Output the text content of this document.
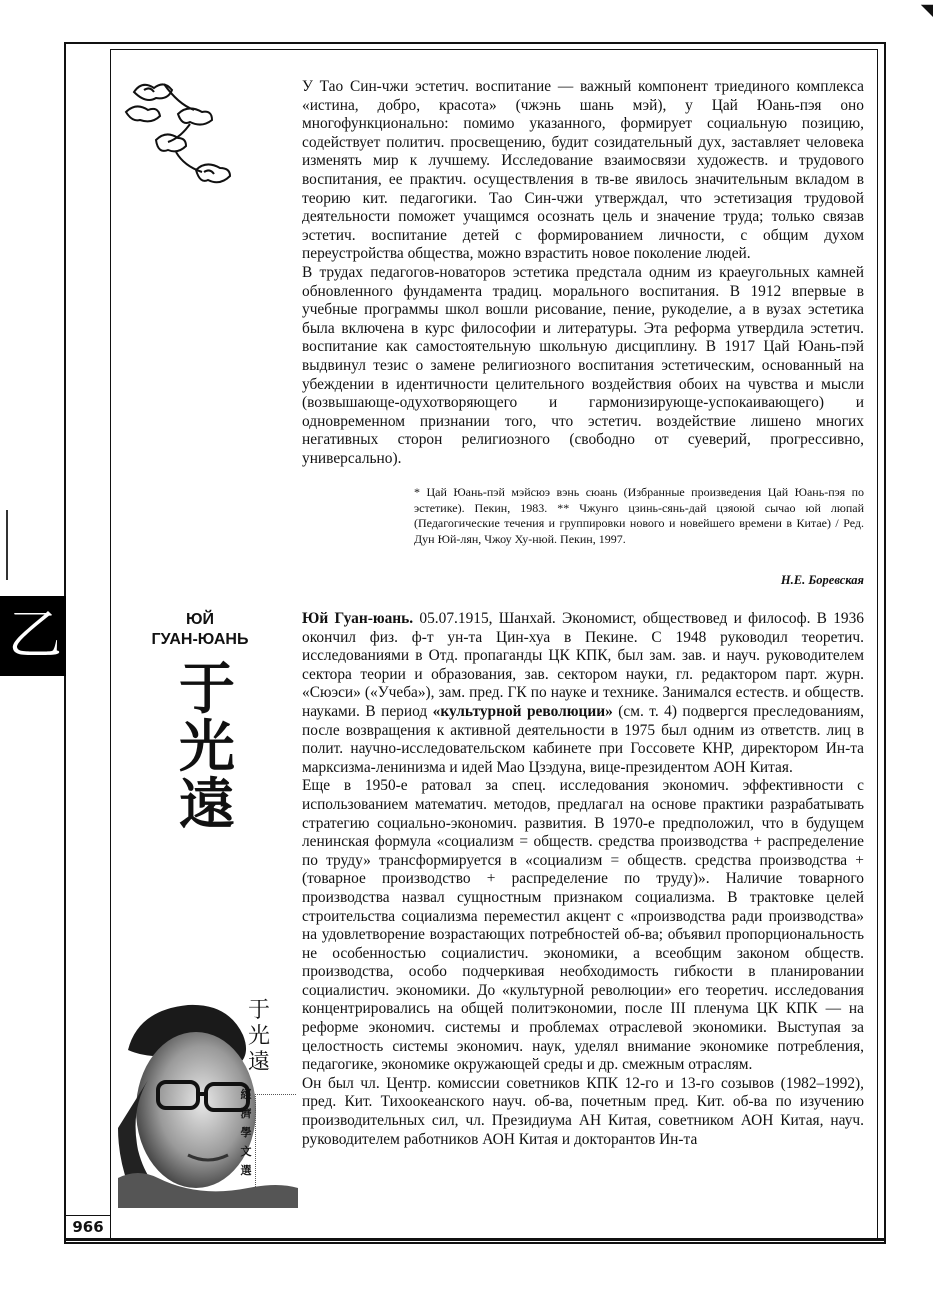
◥
乙
966

У Тао Син-чжи эстетич. воспитание — важный компонент триединого комплекса «истина, добро, красота» (чжэнь шань мэй), у Цай Юань-пэя оно многофункционально: помимо указанного, формирует социальную позицию, содействует политич. просвещению, будит созидательный дух, заставляет человека изменять мир к лучшему. Исследование взаимосвязи художеств. и трудового воспитания, ее практич. осуществления в тв-ве явилось значительным вкладом в теорию кит. педагогики. Тао Син-чжи утверждал, что эстетизация трудовой деятельности поможет учащимся осознать цель и значение труда; только связав эстетич. воспитание детей с формированием личности, с общим духом переустройства общества, можно взрастить новое поколение людей.

В трудах педагогов-новаторов эстетика предстала одним из краеугольных камней обновленного фундамента традиц. морального воспитания. В 1912 впервые в учебные программы школ вошли рисование, пение, рукоделие, а в вузах эстетика была включена в курс философии и литературы. Эта реформа утвердила эстетич. воспитание как самостоятельную школьную дисциплину. В 1917 Цай Юань-пэй выдвинул тезис о замене религиозного воспитания эстетическим, основанный на убеждении в идентичности целительного воздействия обоих на чувства и мысли (возвышающе-одухотворяющего и гармонизирующе-успокаивающего) и одновременном признании того, что эстетич. воздействие лишено многих негативных сторон религиозного (свободно от суеверий, прогрессивно, универсально).

* Цай Юань-пэй мэйсюэ вэнь сюань (Избранные произведения Цай Юань-пэя по эстетике). Пекин, 1983. ** Чжунго цзинь-сянь-дай цзяоюй сычао юй люпай (Педагогические течения и группировки нового и новейшего времени в Китае) / Ред. Дун Юй-лян, Чжоу Ху-нюй. Пекин, 1997.

Н.Е. Боревская
ЮЙ
ГУАН-ЮАНЬ
于
光
遠

Юй Гуан-юань. 05.07.1915, Шанхай. Экономист, обществовед и философ. В 1936 окончил физ. ф-т ун-та Цин-хуа в Пекине. С 1948 руководил теоретич. исследованиями в Отд. пропаганды ЦК КПК, был зам. зав. и науч. руководителем сектора теории и образования, зав. сектором науки, гл. редактором парт. журн. «Сюэси» («Учеба»), зам. пред. ГК по науке и технике. Занимался естеств. и обществ. науками. В период «культурной революции» (см. т. 4) подвергся преследованиям, после возвращения к активной деятельности в 1975 был одним из ответств. лиц в полит. научно-исследовательском кабинете при Госсовете КНР, директором Ин-та марксизма-ленинизма и идей Мао Цзэдуна, вице-президентом АОН Китая.

Еще в 1950-е ратовал за спец. исследования экономич. эффективности с использованием математич. методов, предлагал на основе практики разрабатывать стратегию социально-экономич. развития. В 1970-е предположил, что в будущем ленинская формула «социализм = обществ. средства производства + распределение по труду» трансформируется в «социализм = обществ. средства производства + (товарное производство + распределение по труду)». Наличие товарного производства назвал сущностным признаком социализма. В трактовке целей строительства социализма переместил акцент с «производства ради производства» на удовлетворение возрастающих потребностей об-ва; объявил пропорциональность не особенностью социалистич. экономики, а всеобщим законом обществ. производства, особо подчеркивая необходимость гибкости в планировании социалистич. экономики. До «культурной революции» его теоретич. исследования концентрировались на общей политэкономии, после III пленума ЦК КПК — на реформе экономич. системы и проблемах отраслевой экономики. Выступая за целостность системы экономич. наук, уделял внимание экономике потребления, педагогике, экономике окружающей среды и др. смежным отраслям.

Он был чл. Центр. комиссии советников КПК 12-го и 13-го созывов (1982–1992), пред. Кит. Тихоокеанского науч. об-ва, почетным пред. Кит. об-ва по изучению производительных сил, чл. Президиума АН Китая, советником АОН Китая, науч. руководителем работников АОН Китая и докторантов Ин-та

于
光
遠
經
濟
學
文
選
